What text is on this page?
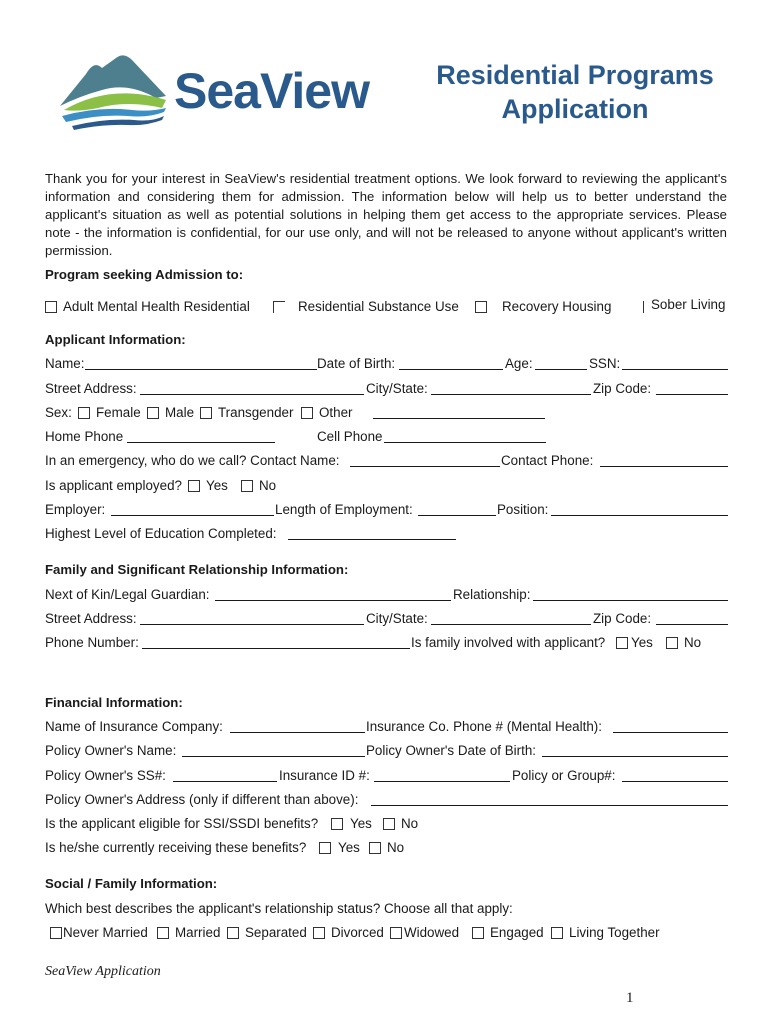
SeaView	Residential Programs
Application
Thank you for your interest in SeaView's residential treatment options. We look forward to reviewing the applicant's information and considering them for admission. The information below will help us to better understand the applicant's situation as well as potential solutions in helping them get access to the appropriate services. Please note - the information is confidential, for our use only, and will not be released to anyone without applicant's written permission.
Program seeking Admission to:
Adult Mental Health Residential	Residential Substance Use	Recovery Housing	Sober Living
Applicant Information:
Name:	Date of Birth:	Age:	SSN:
Street Address:	City/State:	Zip Code:
Sex: Female Male Transgender Other
Home Phone	Cell Phone
In an emergency, who do we call? Contact Name:	Contact Phone:
Is applicant employed? Yes No
Employer:	Length of Employment:	Position:
Highest Level of Education Completed:
Family and Significant Relationship Information:
Next of Kin/Legal Guardian:	Relationship:
Street Address:	City/State:	Zip Code:
Phone Number:	Is family involved with applicant? Yes No
Financial Information:
Name of Insurance Company:	Insurance Co. Phone # (Mental Health):
Policy Owner's Name:	Policy Owner's Date of Birth:
Policy Owner's SS#:	Insurance ID #:	Policy or Group#:
Policy Owner's Address (only if different than above):
Is the applicant eligible for SSI/SSDI benefits? Yes No
Is he/she currently receiving these benefits? Yes No
Social / Family Information:
Which best describes the applicant's relationship status? Choose all that apply:
Never Married Married Separated Divorced Widowed Engaged Living Together
SeaView Application
1
